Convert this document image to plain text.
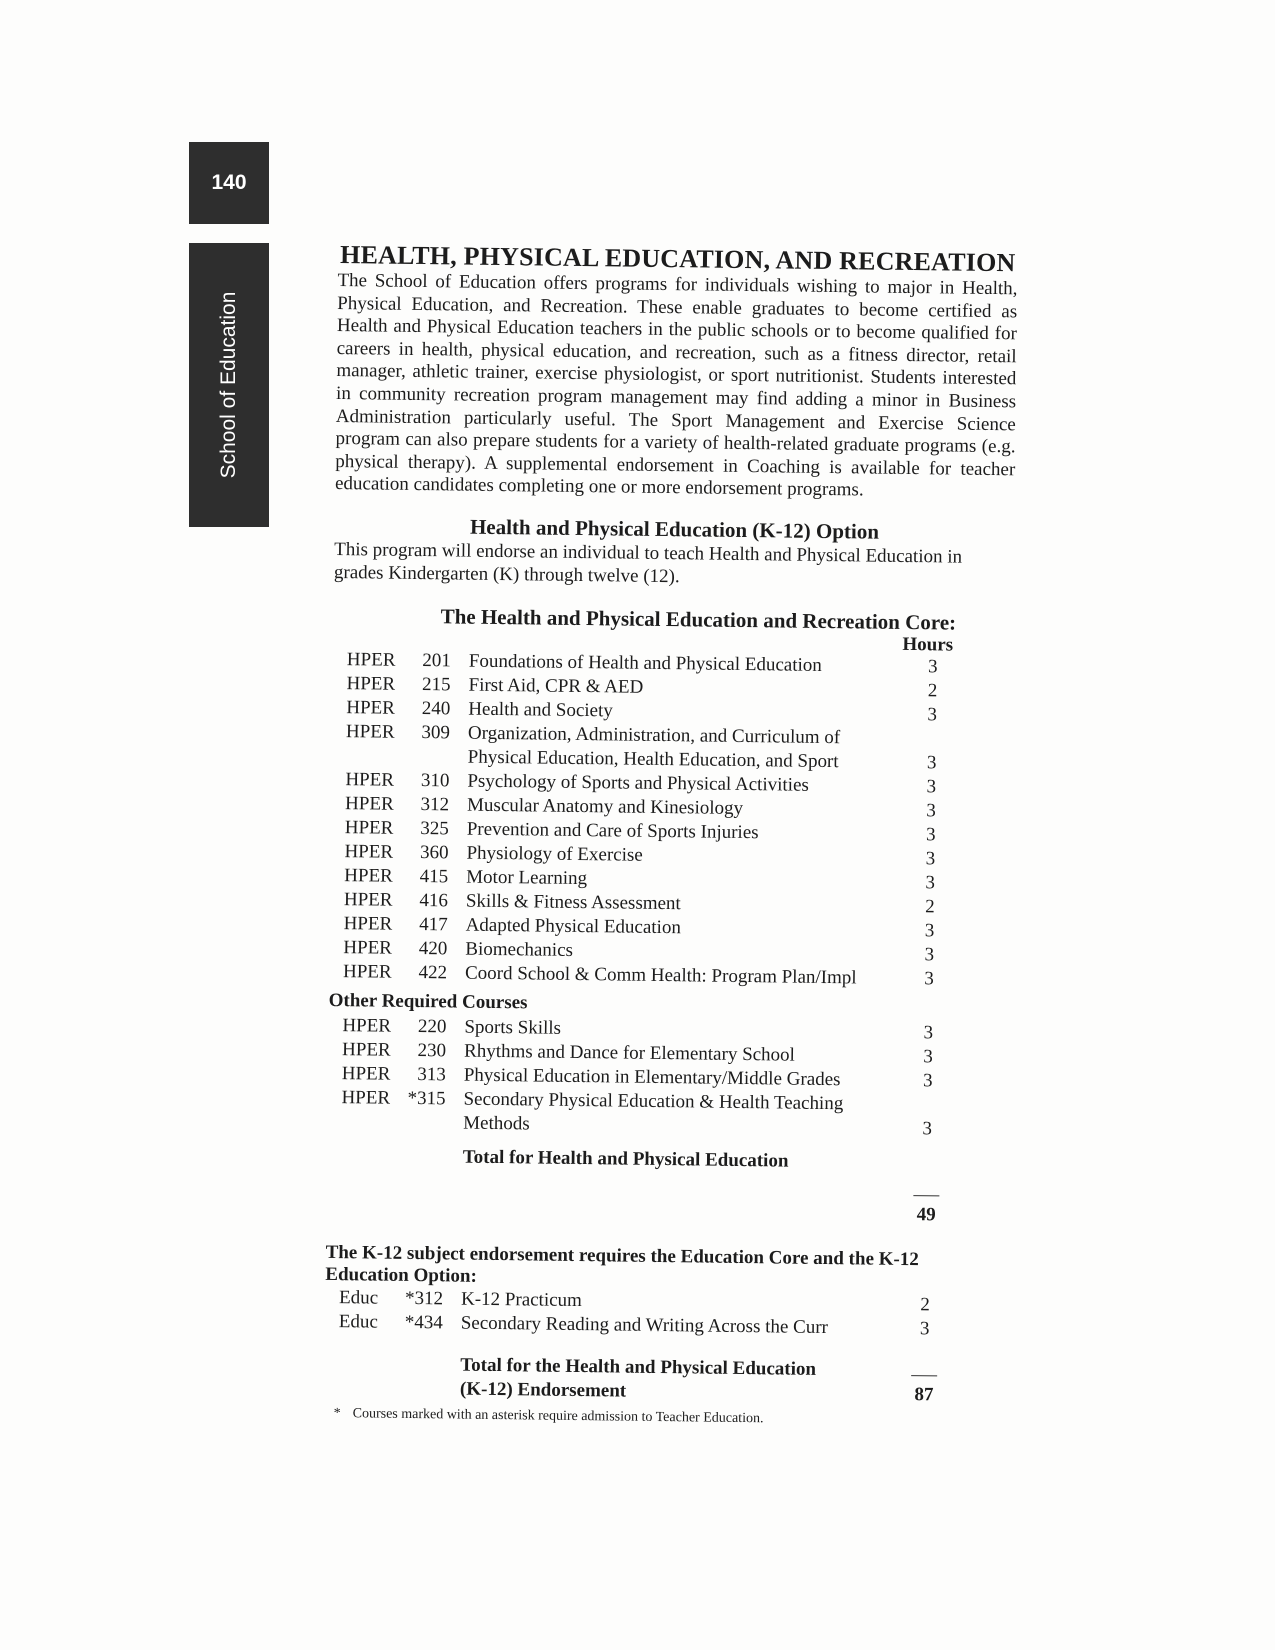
140
School of Education
HEALTH, PHYSICAL EDUCATION, AND RECREATION

The School of Education offers programs for individuals wishing to major in Health, Physical Education, and Recreation. These enable graduates to become certified as Health and Physical Education teachers in the public schools or to become qualified for careers in health, physical education, and recreation, such as a fitness director, retail manager, athletic trainer, exercise physiologist, or sport nutritionist. Students interested in community recreation program management may find adding a minor in Business Administration particularly useful. The Sport Management and Exercise Science program can also prepare students for a variety of health-related graduate programs (e.g. physical therapy). A supplemental endorsement in Coaching is available for teacher education candidates completing one or more endorsement programs.

Health and Physical Education (K-12) Option

This program will endorse an individual to teach Health and Physical Education in grades Kindergarten (K) through twelve (12).

The Health and Physical Education and Recreation Core:
Hours
HPER	201	Foundations of Health and Physical Education	3
HPER	215	First Aid, CPR & AED	2
HPER	240	Health and Society	3
HPER	309	Organization, Administration, and Curriculum of	
		Physical Education, Health Education, and Sport	3
HPER	310	Psychology of Sports and Physical Activities	3
HPER	312	Muscular Anatomy and Kinesiology	3
HPER	325	Prevention and Care of Sports Injuries	3
HPER	360	Physiology of Exercise	3
HPER	415	Motor Learning	3
HPER	416	Skills & Fitness Assessment	2
HPER	417	Adapted Physical Education	3
HPER	420	Biomechanics	3
HPER	422	Coord School & Comm Health: Program Plan/Impl	3
Other Required Courses
HPER	220	Sports Skills	3
HPER	230	Rhythms and Dance for Elementary School	3
HPER	313	Physical Education in Elementary/Middle Grades	3
HPER	*315	Secondary Physical Education & Health Teaching	
		Methods	3
		Total for Health and Physical Education	

			49
The K-12 subject endorsement requires the Education Core and the K-12 Education Option:
Educ	*312	K-12 Practicum	2
Educ	*434	Secondary Reading and Writing Across the Curr	3
		Total for the Health and Physical Education	
		(K-12) Endorsement	87
* Courses marked with an asterisk require admission to Teacher Education.
